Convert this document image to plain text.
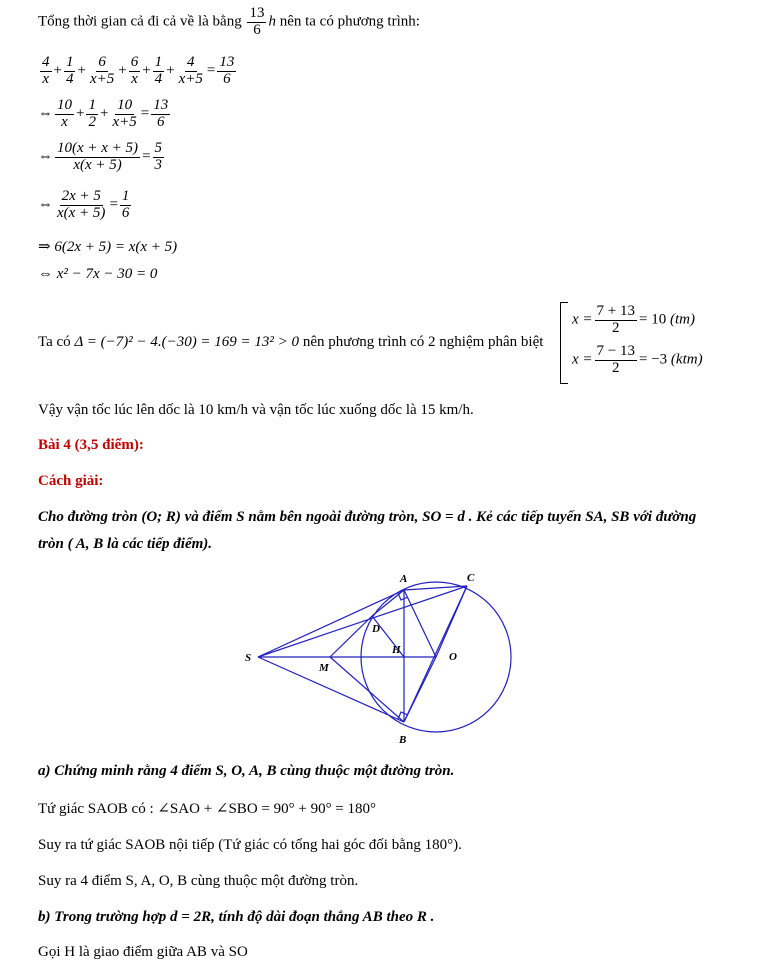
Tổng thời gian cả đi cả về là bằng $\frac{13}{6}$ h nên ta có phương trình:
$\frac{4}{x} + \frac{1}{4} + \frac{6}{x+5} + \frac{6}{x} + \frac{1}{4} + \frac{4}{x+5} = \frac{13}{6}$
⇔ $\frac{10}{x} + \frac{1}{2} + \frac{10}{x+5} = \frac{13}{6}$
⇔ $\frac{10(x + x + 5)}{x(x + 5)} = \frac{5}{3}$
⇔ $\frac{2x + 5}{x(x + 5)} = \frac{1}{6}$
⇒ 6(2x + 5) = x(x + 5)
⇔ x² − 7x − 30 = 0
Ta có Δ = (−7)² − 4.(−30) = 169 = 13² > 0 nên phương trình có 2 nghiệm phân biệt
$x = \frac{7 + 13}{2} = 10$ (tm)
$x = \frac{7 - 13}{2} = -3$ (ktm)
Vậy vận tốc lúc lên dốc là 10 km/h và vận tốc lúc xuống dốc là 15 km/h.
Bài 4 (3,5 điểm):
Cách giải:
Cho đường tròn (O; R) và điểm S nằm bên ngoài đường tròn, SO = d . Kẻ các tiếp tuyến SA, SB với đường
tròn ( A, B là các tiếp điểm).
A
B
C
D
H
O
S
M
a) Chứng minh rằng 4 điểm S, O, A, B cùng thuộc một đường tròn.
Tứ giác SAOB có : ∠SAO + ∠SBO = 90° + 90° = 180°
Suy ra tứ giác SAOB nội tiếp (Tứ giác có tổng hai góc đối bằng 180°).
Suy ra 4 điểm S, A, O, B cùng thuộc một đường tròn.
b) Trong trường hợp d = 2R, tính độ dài đoạn thẳng AB theo R .
Gọi H là giao điểm giữa AB và SO
